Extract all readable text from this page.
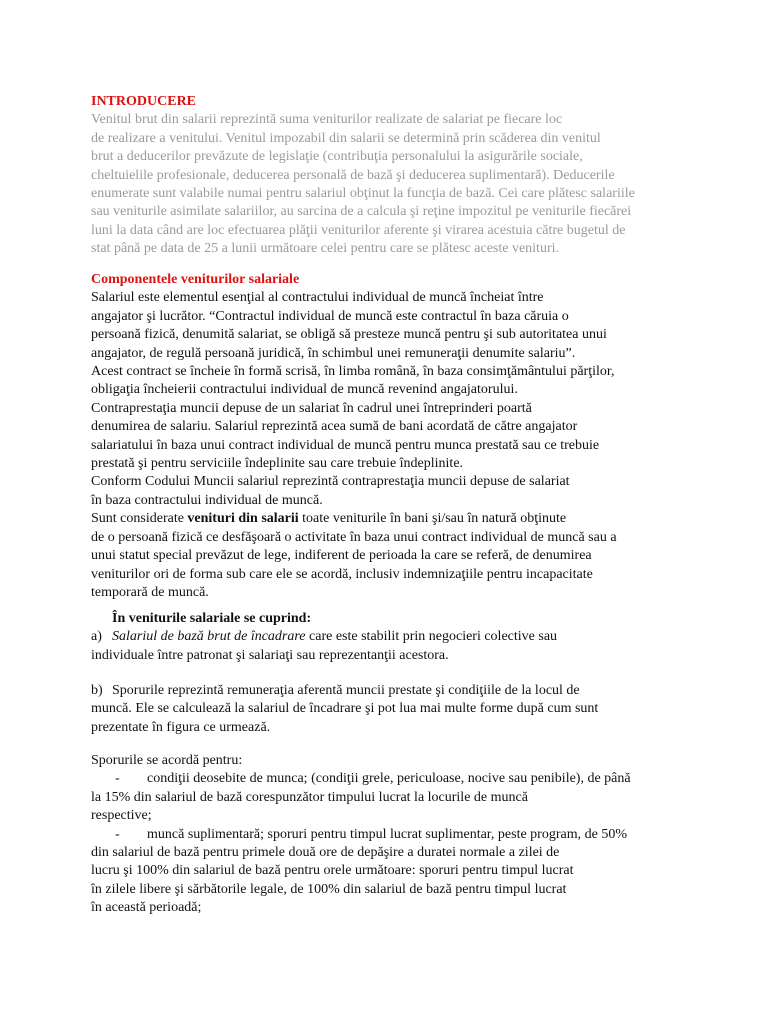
INTRODUCERE
Venitul brut din salarii reprezintă suma veniturilor realizate de salariat pe fiecare loc
de realizare a venitului. Venitul impozabil din salarii se determină prin scăderea din venitul
brut a deducerilor prevăzute de legislaţie (contribuţia personalului la asigurările sociale,
cheltuielile profesionale, deducerea personală de bază şi deducerea suplimentară). Deducerile
enumerate sunt valabile numai pentru salariul obţinut la funcţia de bază. Cei care plătesc salariile
sau veniturile asimilate salariilor, au sarcina de a calcula şi reţine impozitul pe veniturile fiecărei
luni la data când are loc efectuarea plăţii veniturilor aferente şi virarea acestuia către bugetul de
stat până pe data de 25 a lunii următoare celei pentru care se plătesc aceste venituri.
Componentele veniturilor salariale
Salariul este elementul esenţial al contractului individual de muncă încheiat între
angajator şi lucrător. “Contractul individual de muncă este contractul în baza căruia o
persoană fizică, denumită salariat, se obligă să presteze muncă pentru şi sub autoritatea unui
angajator, de regulă persoană juridică, în schimbul unei remuneraţii denumite salariu”.
Acest contract se încheie în formă scrisă, în limba română, în baza consimţământului părţilor,
obligaţia încheierii contractului individual de muncă revenind angajatorului.
Contraprestaţia muncii depuse de un salariat în cadrul unei întreprinderi poartă
denumirea de salariu. Salariul reprezintă acea sumă de bani acordată de către angajator
salariatului în baza unui contract individual de muncă pentru munca prestată sau ce trebuie
prestată şi pentru serviciile îndeplinite sau care trebuie îndeplinite.
Conform Codului Muncii salariul reprezintă contraprestaţia muncii depuse de salariat
în baza contractului individual de muncă.
Sunt considerate venituri din salarii toate veniturile în bani şi/sau în natură obţinute
de o persoană fizică ce desfăşoară o activitate în baza unui contract individual de muncă sau a
unui statut special prevăzut de lege, indiferent de perioada la care se referă, de denumirea
veniturilor ori de forma sub care ele se acordă, inclusiv indemnizaţiile pentru incapacitate
temporară de muncă.
În veniturile salariale se cuprind:
a) Salariul de bază brut de încadrare care este stabilit prin negocieri colective sau
individuale între patronat şi salariaţi sau reprezentanţii acestora.
b) Sporurile reprezintă remuneraţia aferentă muncii prestate şi condiţiile de la locul de
muncă. Ele se calculează la salariul de încadrare şi pot lua mai multe forme după cum sunt
prezentate în figura ce urmează.
Sporurile se acordă pentru:
- condiţii deosebite de munca; (condiţii grele, periculoase, nocive sau penibile), de până
la 15% din salariul de bază corespunzător timpului lucrat la locurile de muncă
respective;
- muncă suplimentară; sporuri pentru timpul lucrat suplimentar, peste program, de 50%
din salariul de bază pentru primele două ore de depăşire a duratei normale a zilei de
lucru şi 100% din salariul de bază pentru orele următoare: sporuri pentru timpul lucrat
în zilele libere şi sărbătorile legale, de 100% din salariul de bază pentru timpul lucrat
în această perioadă;
